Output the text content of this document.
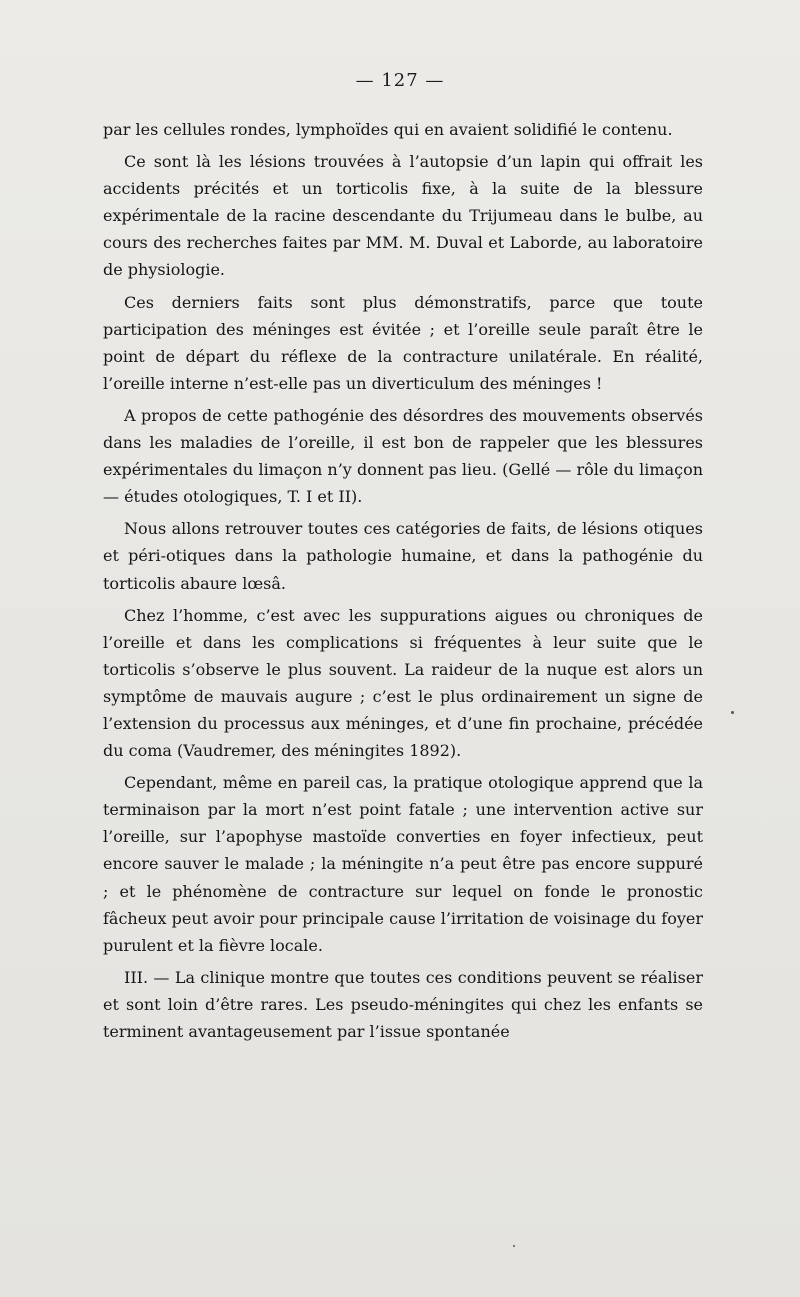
— 127 —

par les cellules rondes, lymphoïdes qui en avaient solidifié le contenu.

Ce sont là les lésions trouvées à l’autopsie d’un lapin qui offrait les accidents précités et un torticolis fixe, à la suite de la blessure expérimentale de la racine descendante du Trijumeau dans le bulbe, au cours des recherches faites par MM. M. Duval et Laborde, au laboratoire de physiologie.

Ces derniers faits sont plus démonstratifs, parce que toute participation des méninges est évitée ; et l’oreille seule paraît être le point de départ du réflexe de la contracture unilatérale. En réalité, l’oreille interne n’est-elle pas un diverticulum des méninges !

A propos de cette pathogénie des désordres des mouvements observés dans les maladies de l’oreille, il est bon de rappeler que les blessures expérimentales du limaçon n’y donnent pas lieu. (Gellé — rôle du limaçon — études otologiques, T. I et II).

Nous allons retrouver toutes ces catégories de faits, de lésions otiques et péri-otiques dans la pathologie humaine, et dans la pathogénie du torticolis abaure lœsâ.

Chez l’homme, c’est avec les suppurations aigues ou chroniques de l’oreille et dans les complications si fréquentes à leur suite que le torticolis s’observe le plus souvent. La raideur de la nuque est alors un symptôme de mauvais augure ; c’est le plus ordinairement un signe de l’extension du processus aux méninges, et d’une fin prochaine, précédée du coma (Vaudremer, des méningites 1892).

Cependant, même en pareil cas, la pratique otologique apprend que la terminaison par la mort n’est point fatale ; une intervention active sur l’oreille, sur l’apophyse mastoïde converties en foyer infectieux, peut encore sauver le malade ; la méningite n’a peut être pas encore suppuré ; et le phénomène de contracture sur lequel on fonde le pronostic fâcheux peut avoir pour principale cause l’irritation de voisinage du foyer purulent et la fièvre locale.

III. — La clinique montre que toutes ces conditions peuvent se réaliser et sont loin d’être rares. Les pseudo-méningites qui chez les enfants se terminent avantageusement par l’issue spontanée
